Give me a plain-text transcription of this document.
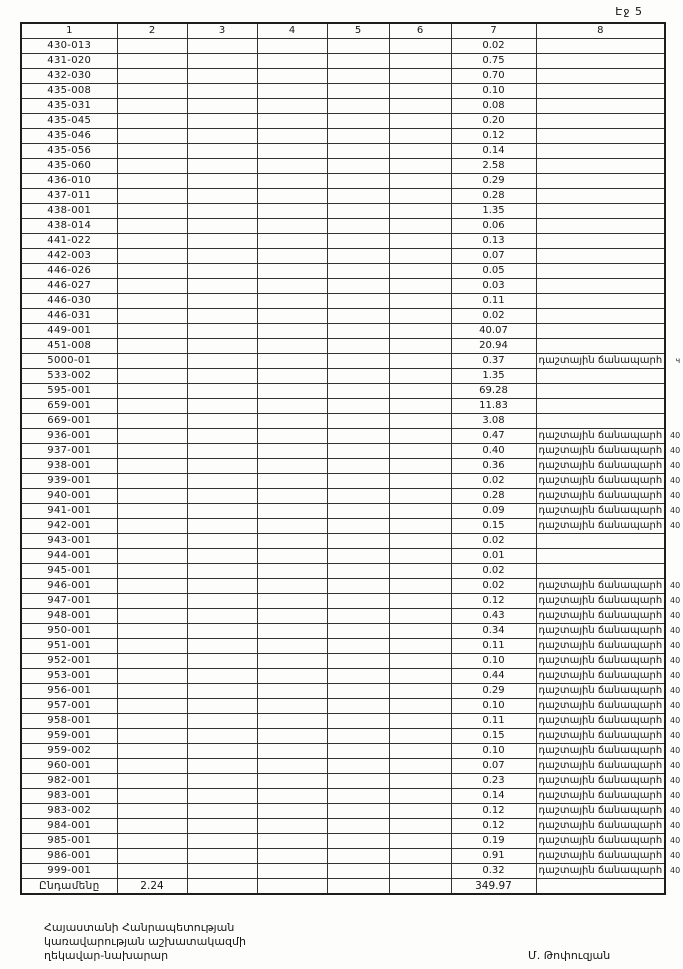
Էջ 5
1	2	3	4	5	6	7	8
430-013						0.02	
431-020						0.75	
432-030						0.70	
435-008						0.10	
435-031						0.08	
435-045						0.20	
435-046						0.12	
435-056						0.14	
435-060						2.58	
436-010						0.29	
437-011						0.28	
438-001						1.35	
438-014						0.06	
441-022						0.13	
442-003						0.07	
446-026						0.05	
446-027						0.03	
446-030						0.11	
446-031						0.02	
449-001						40.07	
451-008						20.94	
5000-01						0.37	դաշտային ճանապարհ ч

533-002						1.35	
595-001						69.28	
659-001						11.83	
669-001						3.08	
936-001						0.47	դաշտային ճանապարհ 40

937-001						0.40	դաշտային ճանապարհ 40

938-001						0.36	դաշտային ճանապարհ 40

939-001						0.02	դաշտային ճանապարհ 40

940-001						0.28	դաշտային ճանապարհ 40

941-001						0.09	դաշտային ճանապարհ 40

942-001						0.15	դաշտային ճանապարհ 40

943-001						0.02	
944-001						0.01	
945-001						0.02	
946-001						0.02	դաշտային ճանապարհ 40

947-001						0.12	դաշտային ճանապարհ 40

948-001						0.43	դաշտային ճանապարհ 40

950-001						0.34	դաշտային ճանապարհ 40

951-001						0.11	դաշտային ճանապարհ 40

952-001						0.10	դաշտային ճանապարհ 40

953-001						0.44	դաշտային ճանապարհ 40

956-001						0.29	դաշտային ճանապարհ 40

957-001						0.10	դաշտային ճանապարհ 40

958-001						0.11	դաշտային ճանապարհ 40

959-001						0.15	դաշտային ճանապարհ 40

959-002						0.10	դաշտային ճանապարհ 40

960-001						0.07	դաշտային ճանապարհ 40

982-001						0.23	դաշտային ճանապարհ 40

983-001						0.14	դաշտային ճանապարհ 40

983-002						0.12	դաշտային ճանապարհ 40

984-001						0.12	դաշտային ճանապարհ 40

985-001						0.19	դաշտային ճանապարհ 40

986-001						0.91	դաշտային ճանապարհ 40

999-001						0.32	դաշտային ճանապարհ 40

Ընդամենը	2.24					349.97	
Հայաստանի Հանրապետության
կառավարության աշխատակազմի
ղեկավար-նախարար	Մ. Թոփուզյան
